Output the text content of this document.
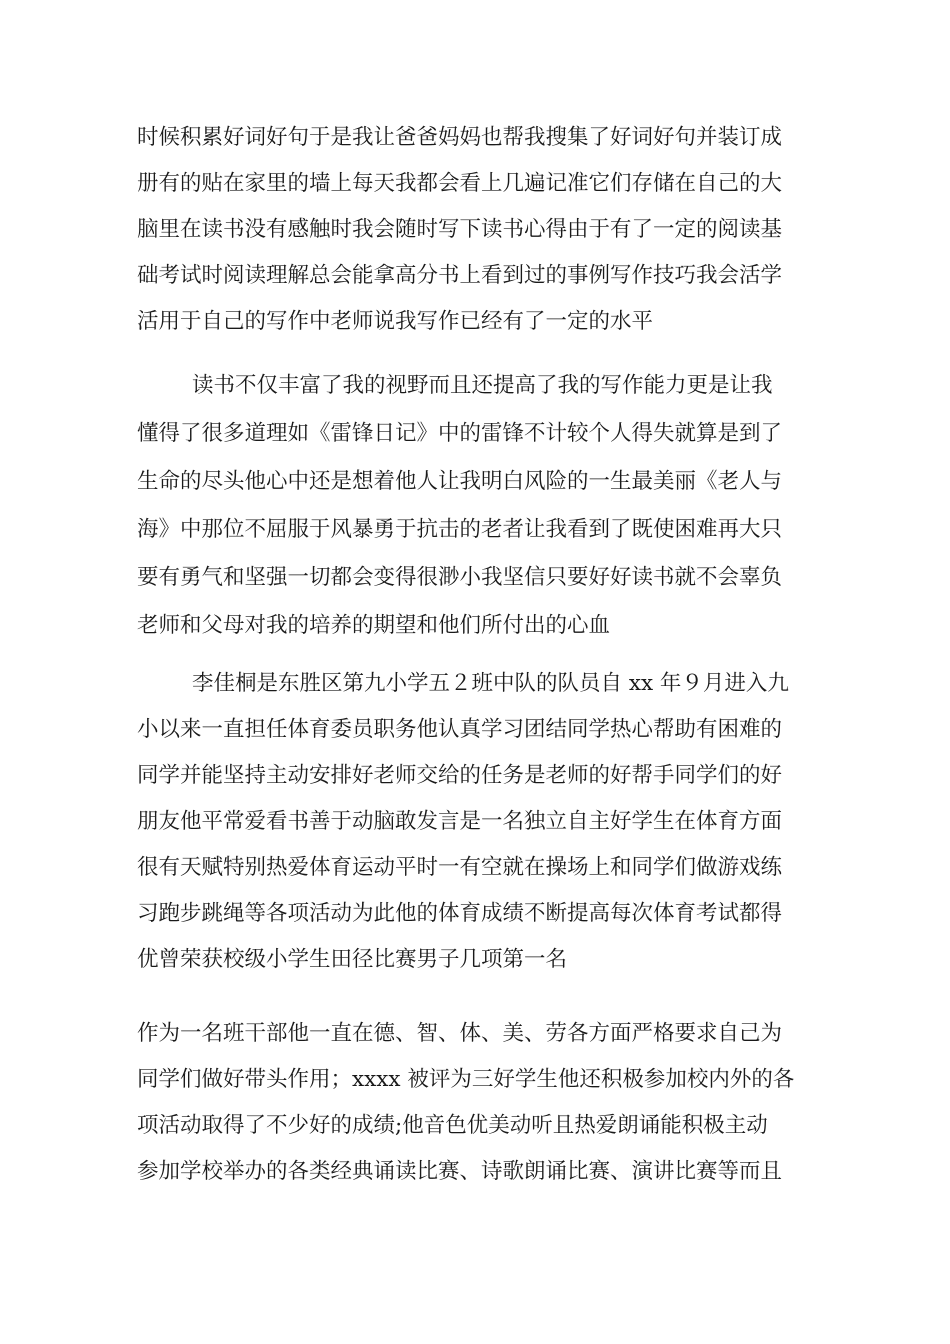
时候积累好词好句于是我让爸爸妈妈也帮我搜集了好词好句并装订成
册有的贴在家里的墙上每天我都会看上几遍记准它们存储在自己的大
脑里在读书没有感触时我会随时写下读书心得由于有了一定的阅读基
础考试时阅读理解总会能拿高分书上看到过的事例写作技巧我会活学
活用于自己的写作中老师说我写作已经有了一定的水平
读书不仅丰富了我的视野而且还提高了我的写作能力更是让我
懂得了很多道理如《雷锋日记》中的雷锋不计较个人得失就算是到了
生命的尽头他心中还是想着他人让我明白风险的一生最美丽《老人与
海》中那位不屈服于风暴勇于抗击的老者让我看到了既使困难再大只
要有勇气和坚强一切都会变得很渺小我坚信只要好好读书就不会辜负
老师和父母对我的培养的期望和他们所付出的心血
李佳桐是东胜区第九小学五２班中队的队员自 xx 年９月进入九
小以来一直担任体育委员职务他认真学习团结同学热心帮助有困难的
同学并能坚持主动安排好老师交给的任务是老师的好帮手同学们的好
朋友他平常爱看书善于动脑敢发言是一名独立自主好学生在体育方面
很有天赋特别热爱体育运动平时一有空就在操场上和同学们做游戏练
习跑步跳绳等各项活动为此他的体育成绩不断提高每次体育考试都得
优曾荣获校级小学生田径比赛男子几项第一名
作为一名班干部他一直在德、智、体、美、劳各方面严格要求自己为
同学们做好带头作用；xxxx 被评为三好学生他还积极参加校内外的各
项活动取得了不少好的成绩;他音色优美动听且热爱朗诵能积极主动
参加学校举办的各类经典诵读比赛、诗歌朗诵比赛、演讲比赛等而且
